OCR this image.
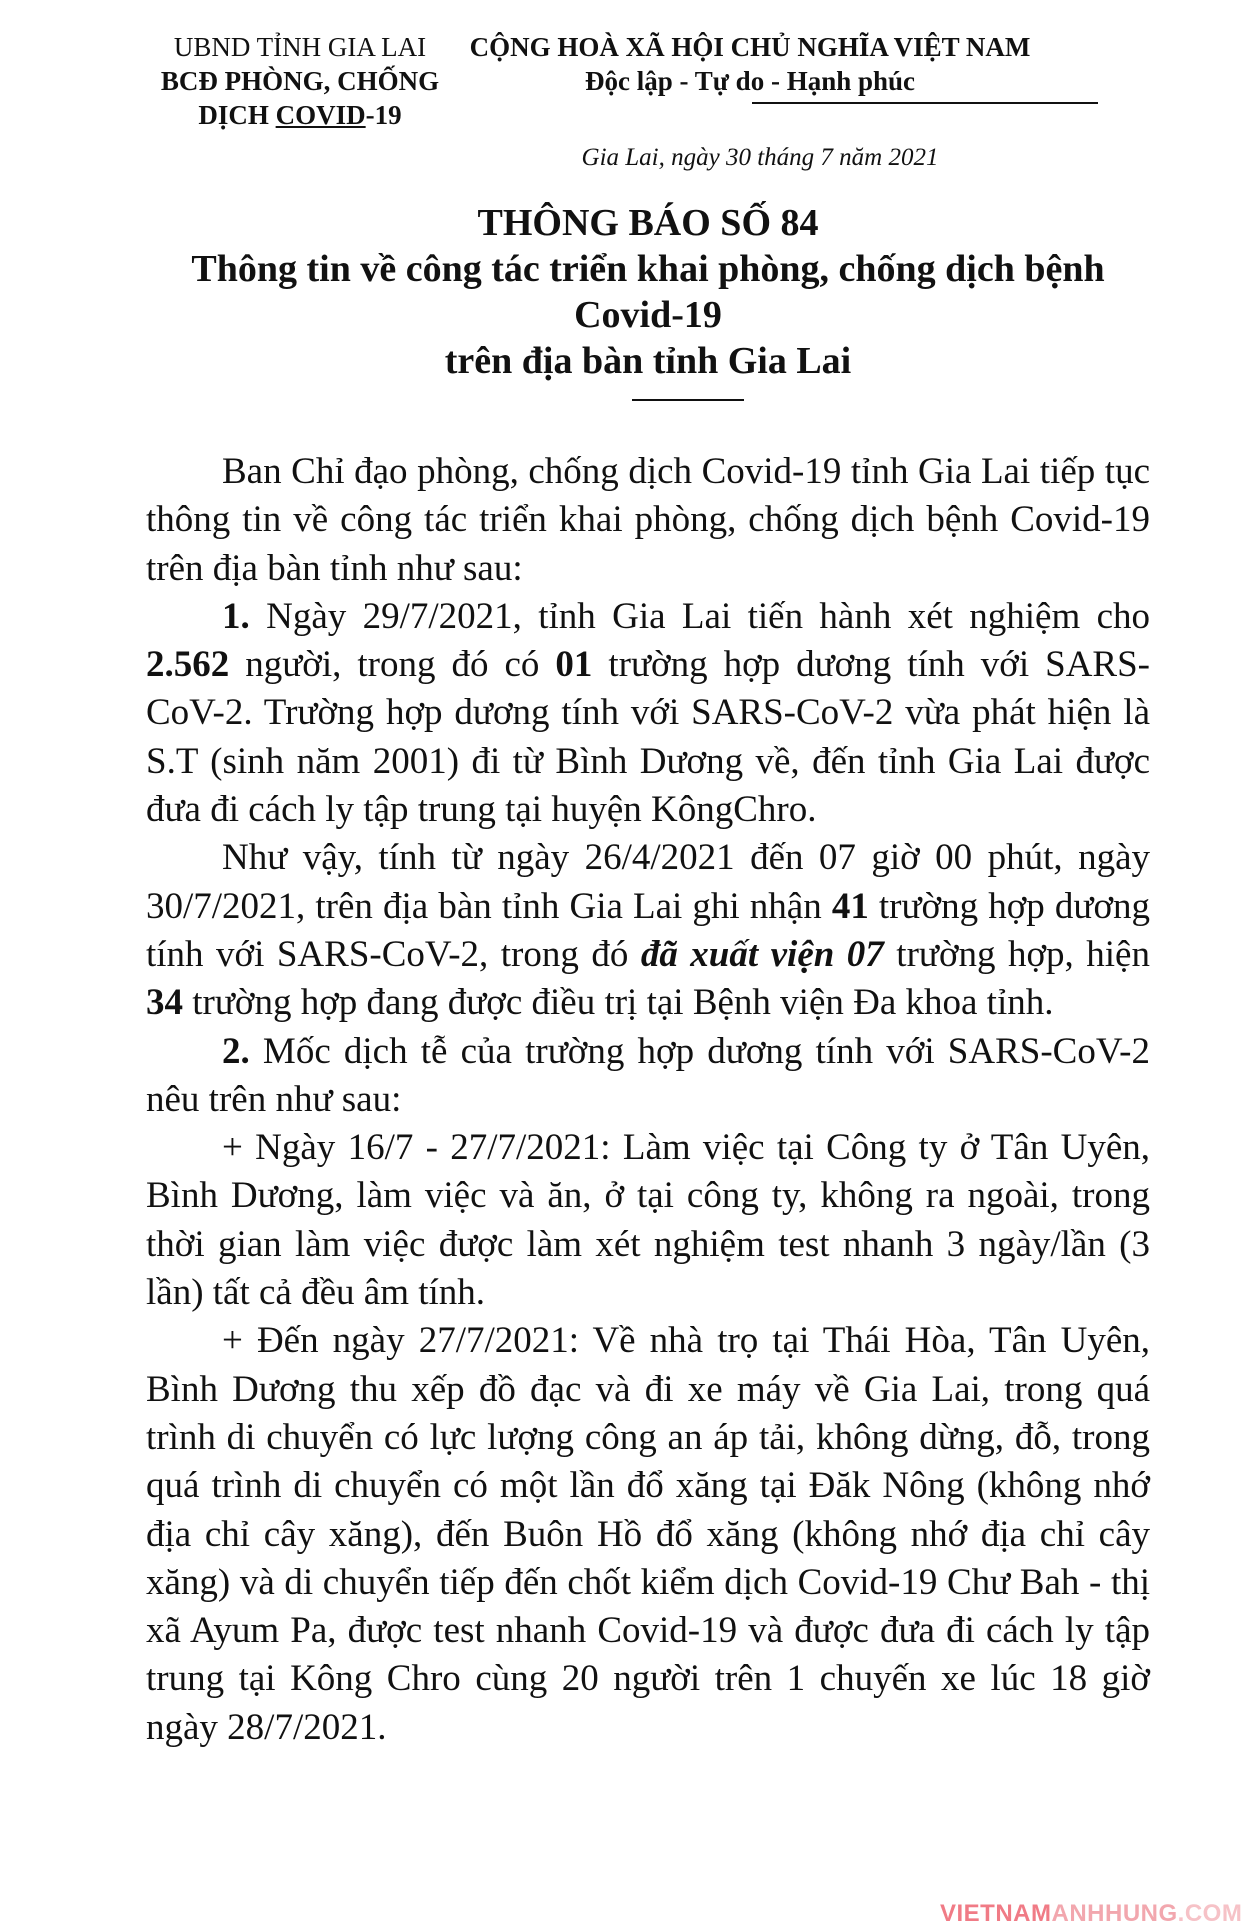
UBND TỈNH GIA LAI
BCĐ PHÒNG, CHỐNG
DỊCH COVID-19
CỘNG HOÀ XÃ HỘI CHỦ NGHĨA VIỆT NAM
Độc lập - Tự do - Hạnh phúc
Gia Lai, ngày 30 tháng 7 năm 2021
THÔNG BÁO SỐ 84
Thông tin về công tác triển khai phòng, chống dịch bệnh
Covid-19
trên địa bàn tỉnh Gia Lai

Ban Chỉ đạo phòng, chống dịch Covid-19 tỉnh Gia Lai tiếp tục thông tin về công tác triển khai phòng, chống dịch bệnh Covid-19 trên địa bàn tỉnh như sau:

1. Ngày 29/7/2021, tỉnh Gia Lai tiến hành xét nghiệm cho 2.562 người, trong đó có 01 trường hợp dương tính với SARS-CoV-2. Trường hợp dương tính với SARS-CoV-2 vừa phát hiện là S.T (sinh năm 2001) đi từ Bình Dương về, đến tỉnh Gia Lai được đưa đi cách ly tập trung tại huyện KôngChro.

Như vậy, tính từ ngày 26/4/2021 đến 07 giờ 00 phút, ngày 30/7/2021, trên địa bàn tỉnh Gia Lai ghi nhận 41 trường hợp dương tính với SARS-CoV-2, trong đó đã xuất viện 07 trường hợp, hiện 34 trường hợp đang được điều trị tại Bệnh viện Đa khoa tỉnh.

2. Mốc dịch tễ của trường hợp dương tính với SARS-CoV-2 nêu trên như sau:

+ Ngày 16/7 - 27/7/2021: Làm việc tại Công ty ở Tân Uyên, Bình Dương, làm việc và ăn, ở tại công ty, không ra ngoài, trong thời gian làm việc được làm xét nghiệm test nhanh 3 ngày/lần (3 lần) tất cả đều âm tính.

+ Đến ngày 27/7/2021: Về nhà trọ tại Thái Hòa, Tân Uyên, Bình Dương thu xếp đồ đạc và đi xe máy về Gia Lai, trong quá trình di chuyển có lực lượng công an áp tải, không dừng, đỗ, trong quá trình di chuyển có một lần đổ xăng tại Đăk Nông (không nhớ địa chỉ cây xăng), đến Buôn Hồ đổ xăng (không nhớ địa chỉ cây xăng) và di chuyển tiếp đến chốt kiểm dịch Covid-19 Chư Bah - thị xã Ayum Pa, được test nhanh Covid-19 và được đưa đi cách ly tập trung tại Kông Chro cùng 20 người trên 1 chuyến xe lúc 18 giờ ngày 28/7/2021.

VIETNAMANHHUNG.COM
